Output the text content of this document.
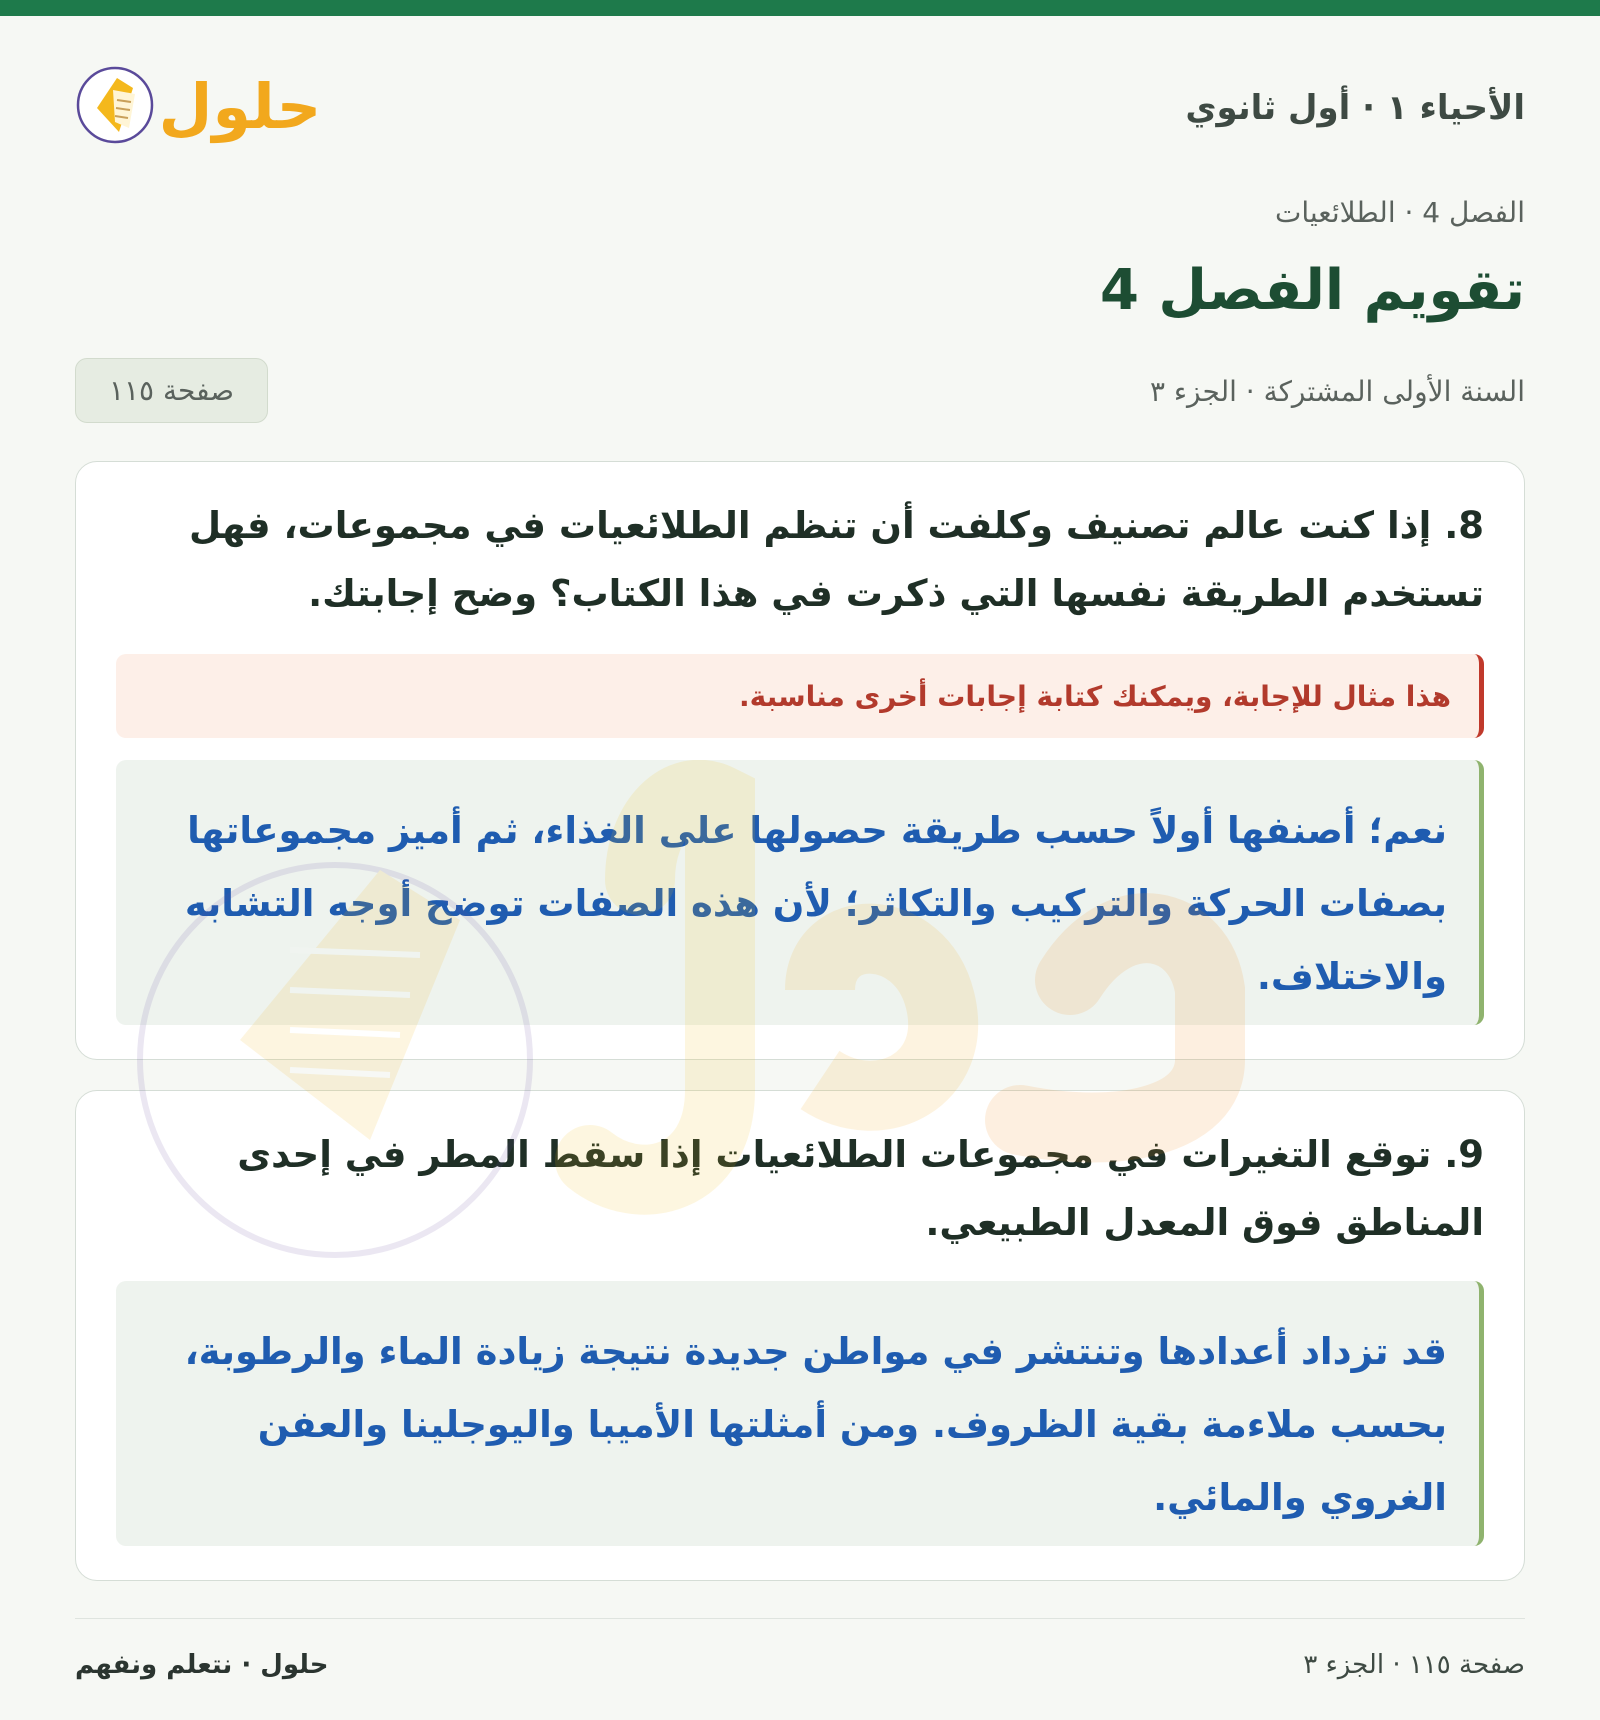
الأحياء ١ · أول ثانوي
حلول
الفصل 4 · الطلائعيات
تقويم الفصل 4
السنة الأولى المشتركة · الجزء ٣
صفحة ١١٥
8. إذا كنت عالم تصنيف وكلفت أن تنظم الطلائعيات في مجموعات، فهل تستخدم الطريقة نفسها التي ذكرت في هذا الكتاب؟ وضح إجابتك.
هذا مثال للإجابة، ويمكنك كتابة إجابات أخرى مناسبة.
نعم؛ أصنفها أولاً حسب طريقة حصولها على الغذاء، ثم أميز مجموعاتها بصفات الحركة والتركيب والتكاثر؛ لأن هذه الصفات توضح أوجه التشابه والاختلاف.
9. توقع التغيرات في مجموعات الطلائعيات إذا سقط المطر في إحدى المناطق فوق المعدل الطبيعي.
قد تزداد أعدادها وتنتشر في مواطن جديدة نتيجة زيادة الماء والرطوبة، بحسب ملاءمة بقية الظروف. ومن أمثلتها الأميبا واليوجلينا والعفن الغروي والمائي.
صفحة ١١٥ · الجزء ٣
حلول · نتعلم ونفهم
